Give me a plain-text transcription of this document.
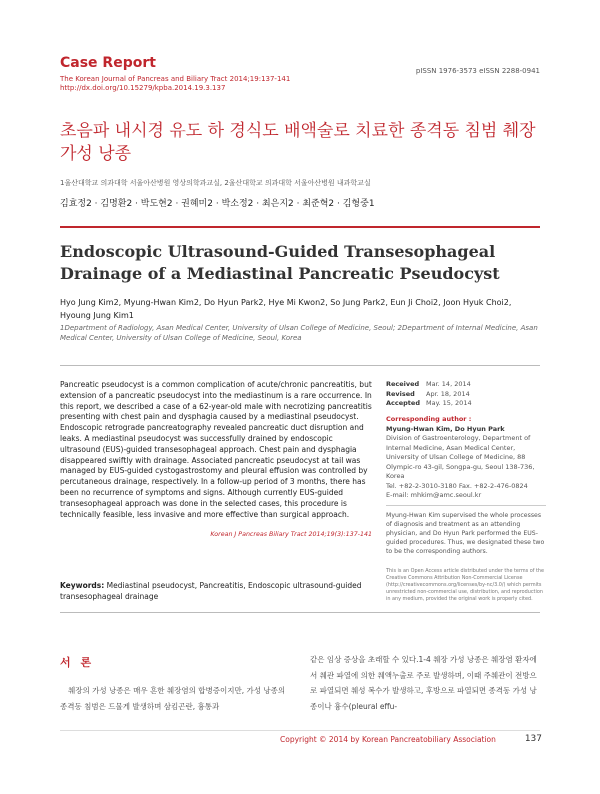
Case Report
The Korean Journal of Pancreas and Biliary Tract 2014;19:137-141
http://dx.doi.org/10.15279/kpba.2014.19.3.137
pISSN 1976-3573 eISSN 2288-0941
초음파 내시경 유도 하 경식도 배액술로 치료한 종격동 침범 췌장 가성 낭종
1울산대학교 의과대학 서울아산병원 영상의학과교실, 2울산대학교 의과대학 서울아산병원 내과학교실
김효정2 · 김명환2 · 박도현2 · 권혜미2 · 박소정2 · 최은지2 · 최준혁2 · 김형중1
Endoscopic Ultrasound-Guided Transesophageal Drainage of a Mediastinal Pancreatic Pseudocyst
Hyo Jung Kim2, Myung-Hwan Kim2, Do Hyun Park2, Hye Mi Kwon2, So Jung Park2, Eun Ji Choi2, Joon Hyuk Choi2, Hyoung Jung Kim1
1Department of Radiology, Asan Medical Center, University of Ulsan College of Medicine, Seoul; 2Department of Internal Medicine, Asan Medical Center, University of Ulsan College of Medicine, Seoul, Korea
Pancreatic pseudocyst is a common complication of acute/chronic pancreatitis, but extension of a pancreatic pseudocyst into the mediastinum is a rare occurrence. In this report, we described a case of a 62-year-old male with necrotizing pancreatitis presenting with chest pain and dysphagia caused by a mediastinal pseudocyst. Endoscopic retrograde pancreatography revealed pancreatic duct disruption and leaks. A mediastinal pseudocyst was successfully drained by endoscopic ultrasound (EUS)-guided transesophageal approach. Chest pain and dysphagia disappeared swiftly with drainage. Associated pancreatic pseudocyst at tail was managed by EUS-guided cystogastrostomy and pleural effusion was controlled by percutaneous drainage, respectively. In a follow-up period of 3 months, there has been no recurrence of symptoms and signs. Although currently EUS-guided transesophageal approach was done in the selected cases, this procedure is technically feasible, less invasive and more effective than surgical approach.
Korean J Pancreas Biliary Tract 2014;19(3):137-141
Received Mar. 14, 2014
Revised Apr. 18, 2014
Accepted May. 15, 2014
Corresponding author :
Myung-Hwan Kim, Do Hyun Park
Division of Gastroenterology, Department of Internal Medicine, Asan Medical Center, University of Ulsan College of Medicine, 88 Olympic-ro 43-gil, Songpa-gu, Seoul 138-736, Korea
Tel. +82-2-3010-3180 Fax. +82-2-476-0824
E-mail: mhkim@amc.seoul.kr
Myung-Hwan Kim supervised the whole processes of diagnosis and treatment as an attending physician, and Do Hyun Park performed the EUS-guided procedures. Thus, we designated these two to be the corresponding authors.
This is an Open Access article distributed under the terms of the Creative Commons Attribution Non-Commercial License (http://creativecommons.org/licenses/by-nc/3.0/) which permits unrestricted non-commercial use, distribution, and reproduction in any medium, provided the original work is properly cited.
Keywords: Mediastinal pseudocyst, Pancreatitis, Endoscopic ultrasound-guided transesophageal drainage
서 론
췌장의 가성 낭종은 매우 흔한 췌장염의 합병증이지만, 가성 낭종의 종격동 침범은 드물게 발생하며 삼킴곤란, 흉통과
같은 임상 증상을 초래할 수 있다.1-4 췌장 가성 낭종은 췌장염 환자에서 췌관 파열에 의한 췌액누출로 주로 발생하며, 이때 주췌관이 전방으로 파열되면 췌성 복수가 발생하고, 후방으로 파열되면 종격동 가성 낭종이나 흉수(pleural effu-
Copyright © 2014 by Korean Pancreatobiliary Association	137
